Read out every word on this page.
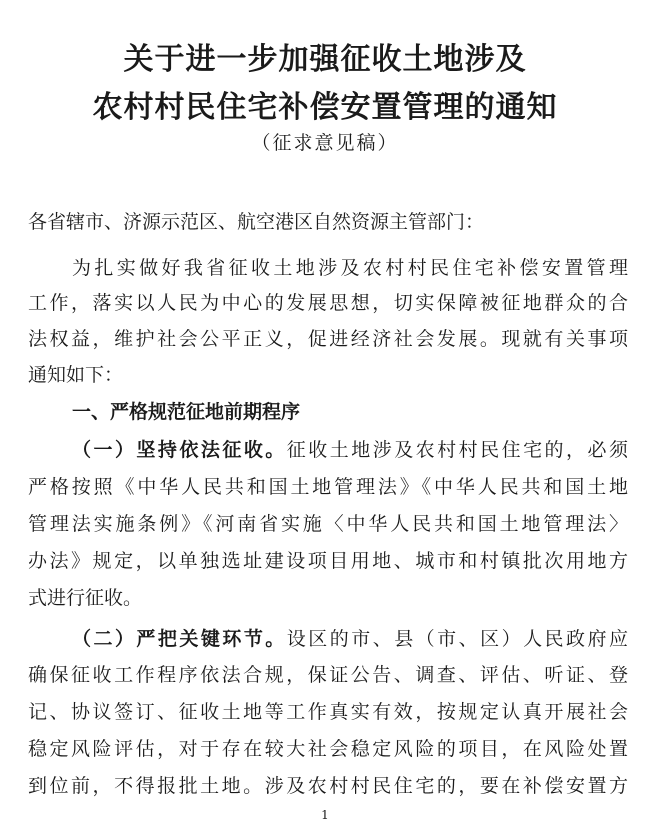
关于进一步加强征收土地涉及
农村村民住宅补偿安置管理的通知
（征求意见稿）
各省辖市、济源示范区、航空港区自然资源主管部门：
为扎实做好我省征收土地涉及农村村民住宅补偿安置管理
工作，落实以人民为中心的发展思想，切实保障被征地群众的合
法权益，维护社会公平正义，促进经济社会发展。现就有关事项
通知如下：
一、严格规范征地前期程序
（一）坚持依法征收。征收土地涉及农村村民住宅的，必须
严格按照《中华人民共和国土地管理法》《中华人民共和国土地
管理法实施条例》《河南省实施〈中华人民共和国土地管理法〉
办法》规定，以单独选址建设项目用地、城市和村镇批次用地方
式进行征收。
（二）严把关键环节。设区的市、县（市、区）人民政府应
确保征收工作程序依法合规，保证公告、调查、评估、听证、登
记、协议签订、征收土地等工作真实有效，按规定认真开展社会
稳定风险评估，对于存在较大社会稳定风险的项目，在风险处置
到位前，不得报批土地。涉及农村村民住宅的，要在补偿安置方
1
